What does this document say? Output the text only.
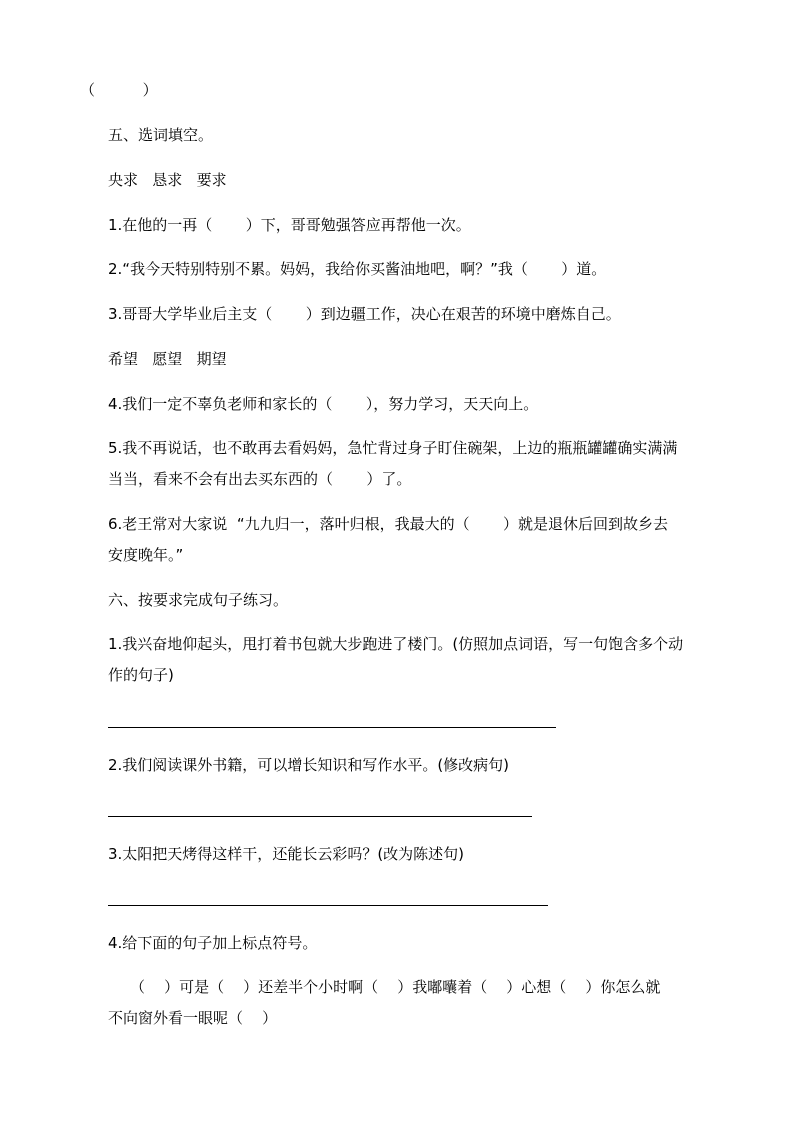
（          ）
五、选词填空。
央求   恳求   要求
1.在他的一再（       ）下，哥哥勉强答应再帮他一次。
2.“我今天特别特别不累。妈妈，我给你买酱油地吧，啊？”我（       ）道。
3.哥哥大学毕业后主支（       ）到边疆工作，决心在艰苦的环境中磨炼自己。
希望   愿望   期望
4.我们一定不辜负老师和家长的（       ），努力学习，天天向上。
5.我不再说话，也不敢再去看妈妈，急忙背过身子盯住碗架，上边的瓶瓶罐罐确实满满
当当，看来不会有出去买东西的（       ）了。
6.老王常对大家说  “九九归一，落叶归根，我最大的（       ）就是退休后回到故乡去
安度晚年。”
六、按要求完成句子练习。
1.我兴奋地仰起头，甩打着书包就大步跑进了楼门。(仿照加点词语，写一句饱含多个动
作的句子)
2.我们阅读课外书籍，可以增长知识和写作水平。(修改病句)
3.太阳把天烤得这样干，还能长云彩吗？(改为陈述句)
4.给下面的句子加上标点符号。
（    ）可是（    ）还差半个小时啊（    ）我嘟囔着（    ）心想（    ）你怎么就
不向窗外看一眼呢（    ）
